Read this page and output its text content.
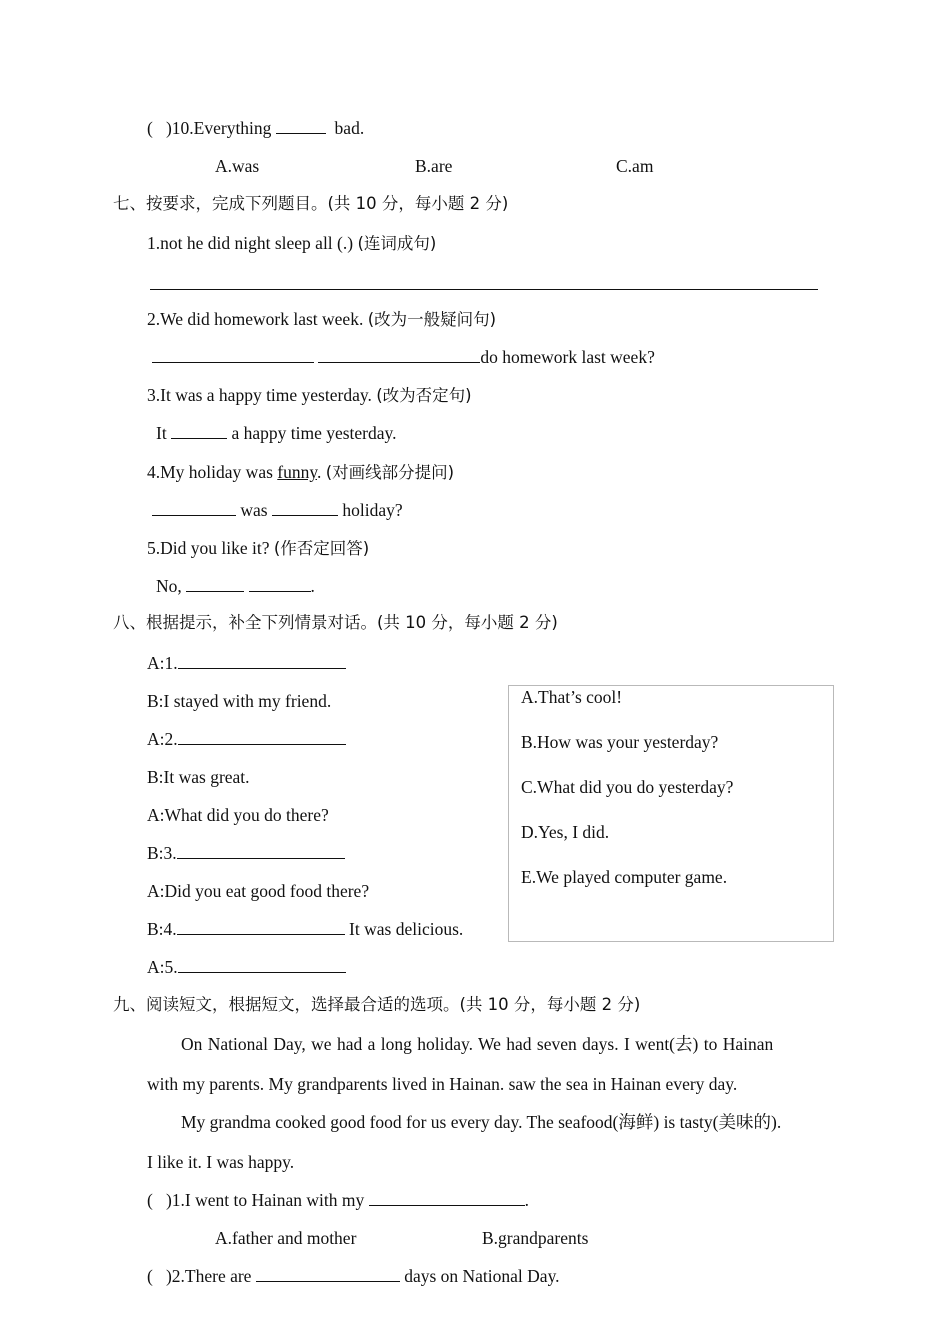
( )10.Everything	bad.
A.was	B.are	C.am
七、按要求，完成下列题目。(共 10 分，每小题 2 分)
1.not he did night sleep all (.) (连词成句)
2.We did homework last week. (改为一般疑问句)
do homework last week?
3.It was a happy time yesterday. (改为否定句)
It	a happy time yesterday.
4.My holiday was funny. (对画线部分提问)
was	holiday?
5.Did you like it? (作否定回答)
No,	.
八、根据提示，补全下列情景对话。(共 10 分，每小题 2 分)
A:1.
B:I stayed with my friend.
A:2.
B:It was great.
A:What did you do there?
B:3.
A:Did you eat good food there?
B:4.	It was delicious.
A:5.
A.That’s cool!
B.How was your yesterday?
C.What did you do yesterday?
D.Yes, I did.
E.We played computer game.
九、阅读短文，根据短文，选择最合适的选项。(共 10 分，每小题 2 分)
On National Day, we had a long holiday. We had seven days. I went(去) to Hainan
with my parents. My grandparents lived in Hainan. saw the sea in Hainan every day.
My grandma cooked good food for us every day. The seafood(海鲜) is tasty(美味的).
I like it. I was happy.
( )1.I went to Hainan with my	.
A.father and mother	B.grandparents
( )2.There are	days on National Day.
